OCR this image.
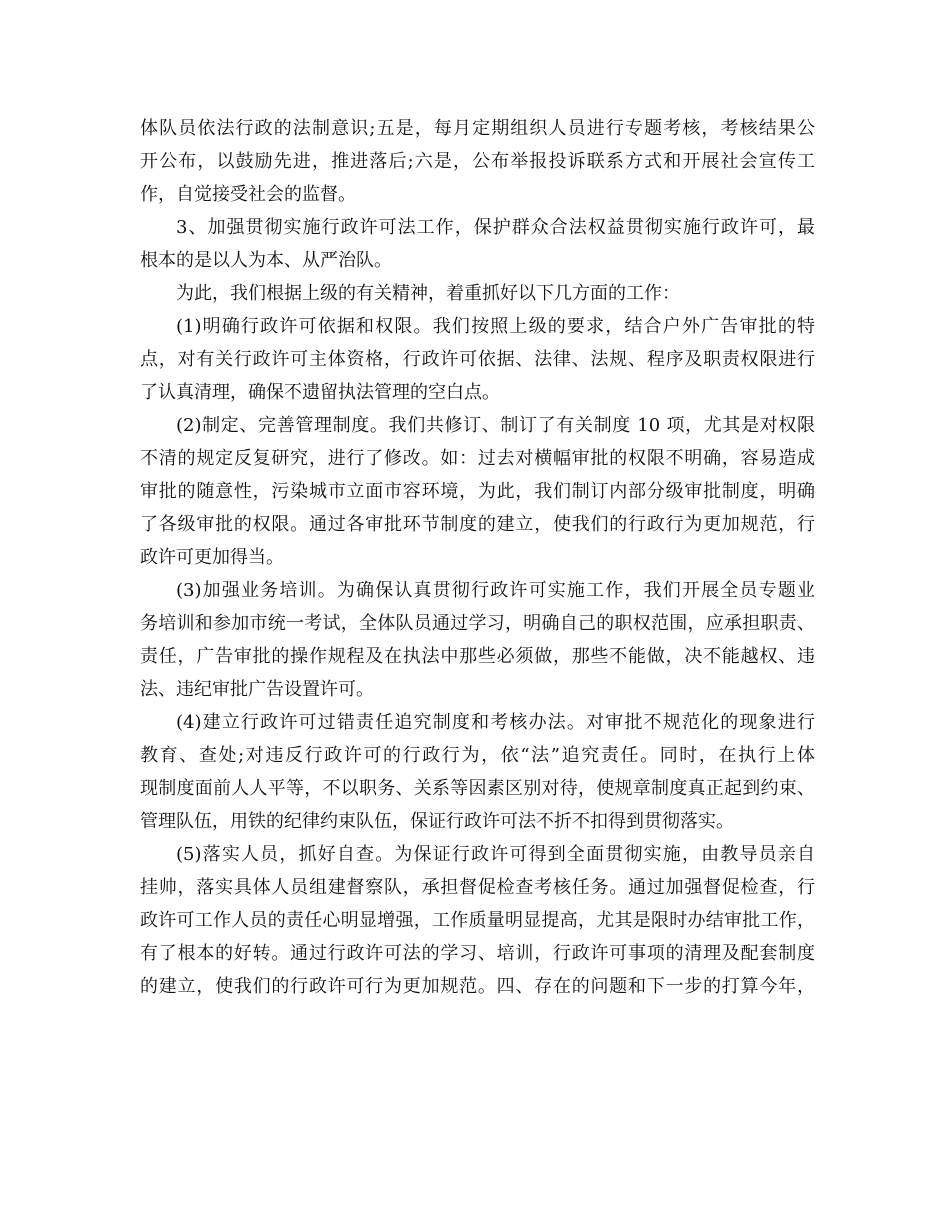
体队员依法行政的法制意识;五是，每月定期组织人员进行专题考核，考核结果公
开公布，以鼓励先进，推进落后;六是，公布举报投诉联系方式和开展社会宣传工
作，自觉接受社会的监督。
3、加强贯彻实施行政许可法工作，保护群众合法权益贯彻实施行政许可，最
根本的是以人为本、从严治队。
为此，我们根据上级的有关精神，着重抓好以下几方面的工作：
(1)明确行政许可依据和权限。我们按照上级的要求，结合户外广告审批的特
点，对有关行政许可主体资格，行政许可依据、法律、法规、程序及职责权限进行
了认真清理，确保不遗留执法管理的空白点。
(2)制定、完善管理制度。我们共修订、制订了有关制度 10 项，尤其是对权限
不清的规定反复研究，进行了修改。如：过去对横幅审批的权限不明确，容易造成
审批的随意性，污染城市立面市容环境，为此，我们制订内部分级审批制度，明确
了各级审批的权限。通过各审批环节制度的建立，使我们的行政行为更加规范，行
政许可更加得当。
(3)加强业务培训。为确保认真贯彻行政许可实施工作，我们开展全员专题业
务培训和参加市统一考试，全体队员通过学习，明确自己的职权范围，应承担职责、
责任，广告审批的操作规程及在执法中那些必须做，那些不能做，决不能越权、违
法、违纪审批广告设置许可。
(4)建立行政许可过错责任追究制度和考核办法。对审批不规范化的现象进行
教育、查处;对违反行政许可的行政行为，依“法”追究责任。同时，在执行上体
现制度面前人人平等，不以职务、关系等因素区别对待，使规章制度真正起到约束、
管理队伍，用铁的纪律约束队伍，保证行政许可法不折不扣得到贯彻落实。
(5)落实人员，抓好自查。为保证行政许可得到全面贯彻实施，由教导员亲自
挂帅，落实具体人员组建督察队，承担督促检查考核任务。通过加强督促检查，行
政许可工作人员的责任心明显增强，工作质量明显提高，尤其是限时办结审批工作，
有了根本的好转。通过行政许可法的学习、培训，行政许可事项的清理及配套制度
的建立，使我们的行政许可行为更加规范。四、存在的问题和下一步的打算今年，
